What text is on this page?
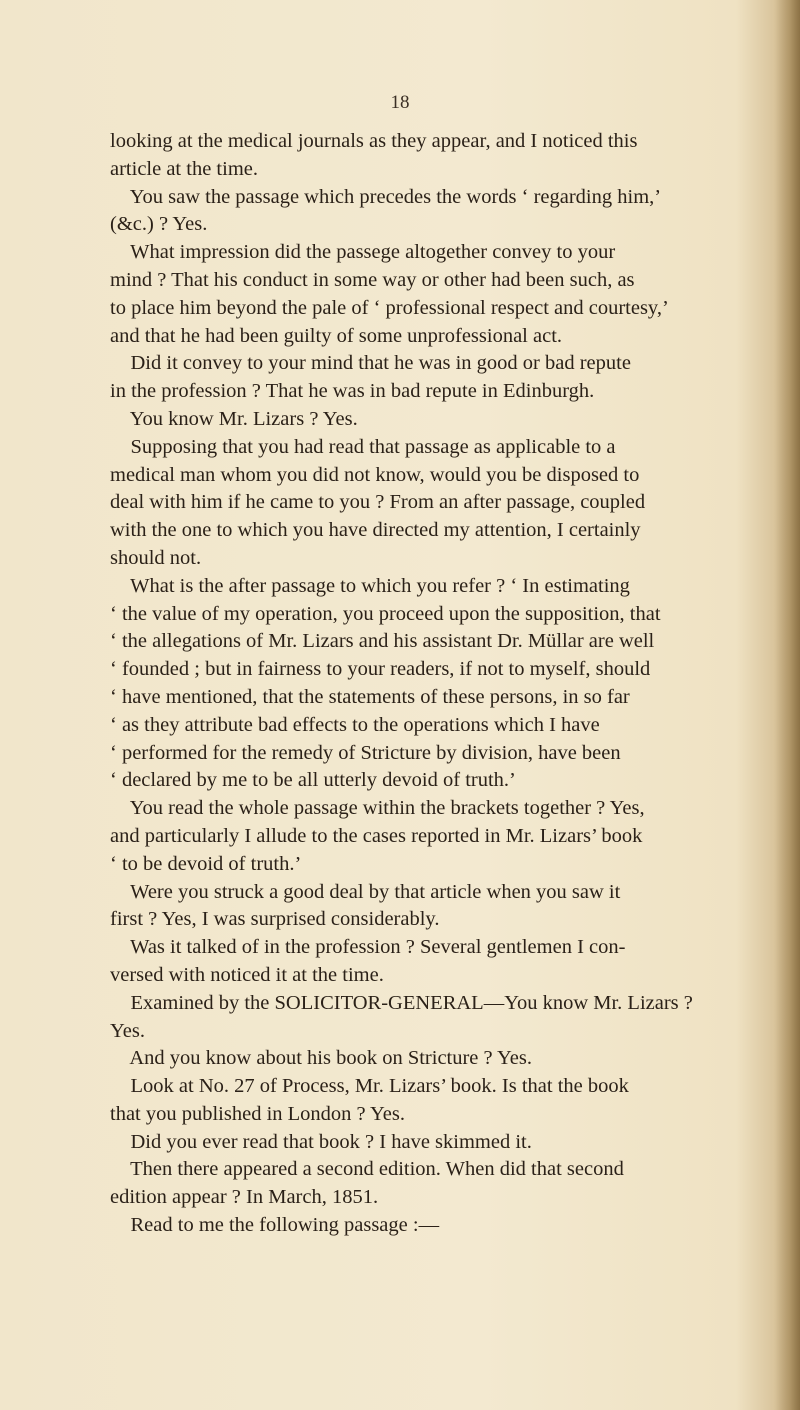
18
looking at the medical journals as they appear, and I noticed this
article at the time.
You saw the passage which precedes the words ‘ regarding him,’
(&c.) ? Yes.
What impression did the passege altogether convey to your
mind ? That his conduct in some way or other had been such, as
to place him beyond the pale of ‘ professional respect and courtesy,’
and that he had been guilty of some unprofessional act.
Did it convey to your mind that he was in good or bad repute
in the profession ? That he was in bad repute in Edinburgh.
You know Mr. Lizars ? Yes.
Supposing that you had read that passage as applicable to a
medical man whom you did not know, would you be disposed to
deal with him if he came to you ? From an after passage, coupled
with the one to which you have directed my attention, I certainly
should not.
What is the after passage to which you refer ? ‘ In estimating
‘ the value of my operation, you proceed upon the supposition, that
‘ the allegations of Mr. Lizars and his assistant Dr. Müllar are well
‘ founded ; but in fairness to your readers, if not to myself, should
‘ have mentioned, that the statements of these persons, in so far
‘ as they attribute bad effects to the operations which I have
‘ performed for the remedy of Stricture by division, have been
‘ declared by me to be all utterly devoid of truth.’
You read the whole passage within the brackets together ? Yes,
and particularly I allude to the cases reported in Mr. Lizars’ book
‘ to be devoid of truth.’
Were you struck a good deal by that article when you saw it
first ? Yes, I was surprised considerably.
Was it talked of in the profession ? Several gentlemen I con-
versed with noticed it at the time.
Examined by the SOLICITOR-GENERAL—You know Mr. Lizars ?
Yes.
And you know about his book on Stricture ? Yes.
Look at No. 27 of Process, Mr. Lizars’ book. Is that the book
that you published in London ? Yes.
Did you ever read that book ? I have skimmed it.
Then there appeared a second edition. When did that second
edition appear ? In March, 1851.
Read to me the following passage :—
